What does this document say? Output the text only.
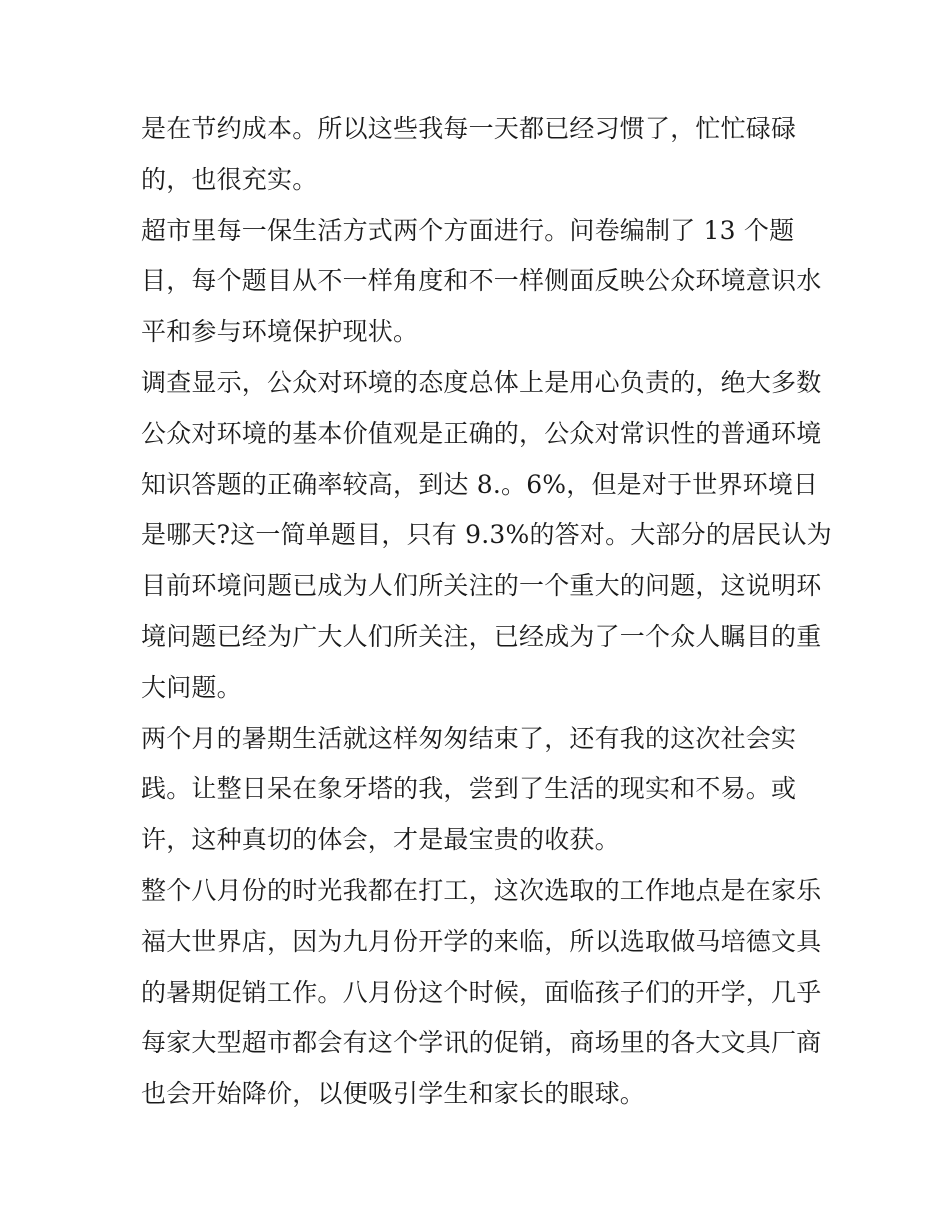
是在节约成本。所以这些我每一天都已经习惯了，忙忙碌碌
的，也很充实。
超市里每一保生活方式两个方面进行。问卷编制了 13 个题
目，每个题目从不一样角度和不一样侧面反映公众环境意识水
平和参与环境保护现状。
调查显示，公众对环境的态度总体上是用心负责的，绝大多数
公众对环境的基本价值观是正确的，公众对常识性的普通环境
知识答题的正确率较高，到达 8.。6%，但是对于世界环境日
是哪天?这一简单题目，只有 9.3%的答对。大部分的居民认为
目前环境问题已成为人们所关注的一个重大的问题，这说明环
境问题已经为广大人们所关注，已经成为了一个众人瞩目的重
大问题。
两个月的暑期生活就这样匆匆结束了，还有我的这次社会实
践。让整日呆在象牙塔的我，尝到了生活的现实和不易。或
许，这种真切的体会，才是最宝贵的收获。
整个八月份的时光我都在打工，这次选取的工作地点是在家乐
福大世界店，因为九月份开学的来临，所以选取做马培德文具
的暑期促销工作。八月份这个时候，面临孩子们的开学，几乎
每家大型超市都会有这个学讯的促销，商场里的各大文具厂商
也会开始降价，以便吸引学生和家长的眼球。
